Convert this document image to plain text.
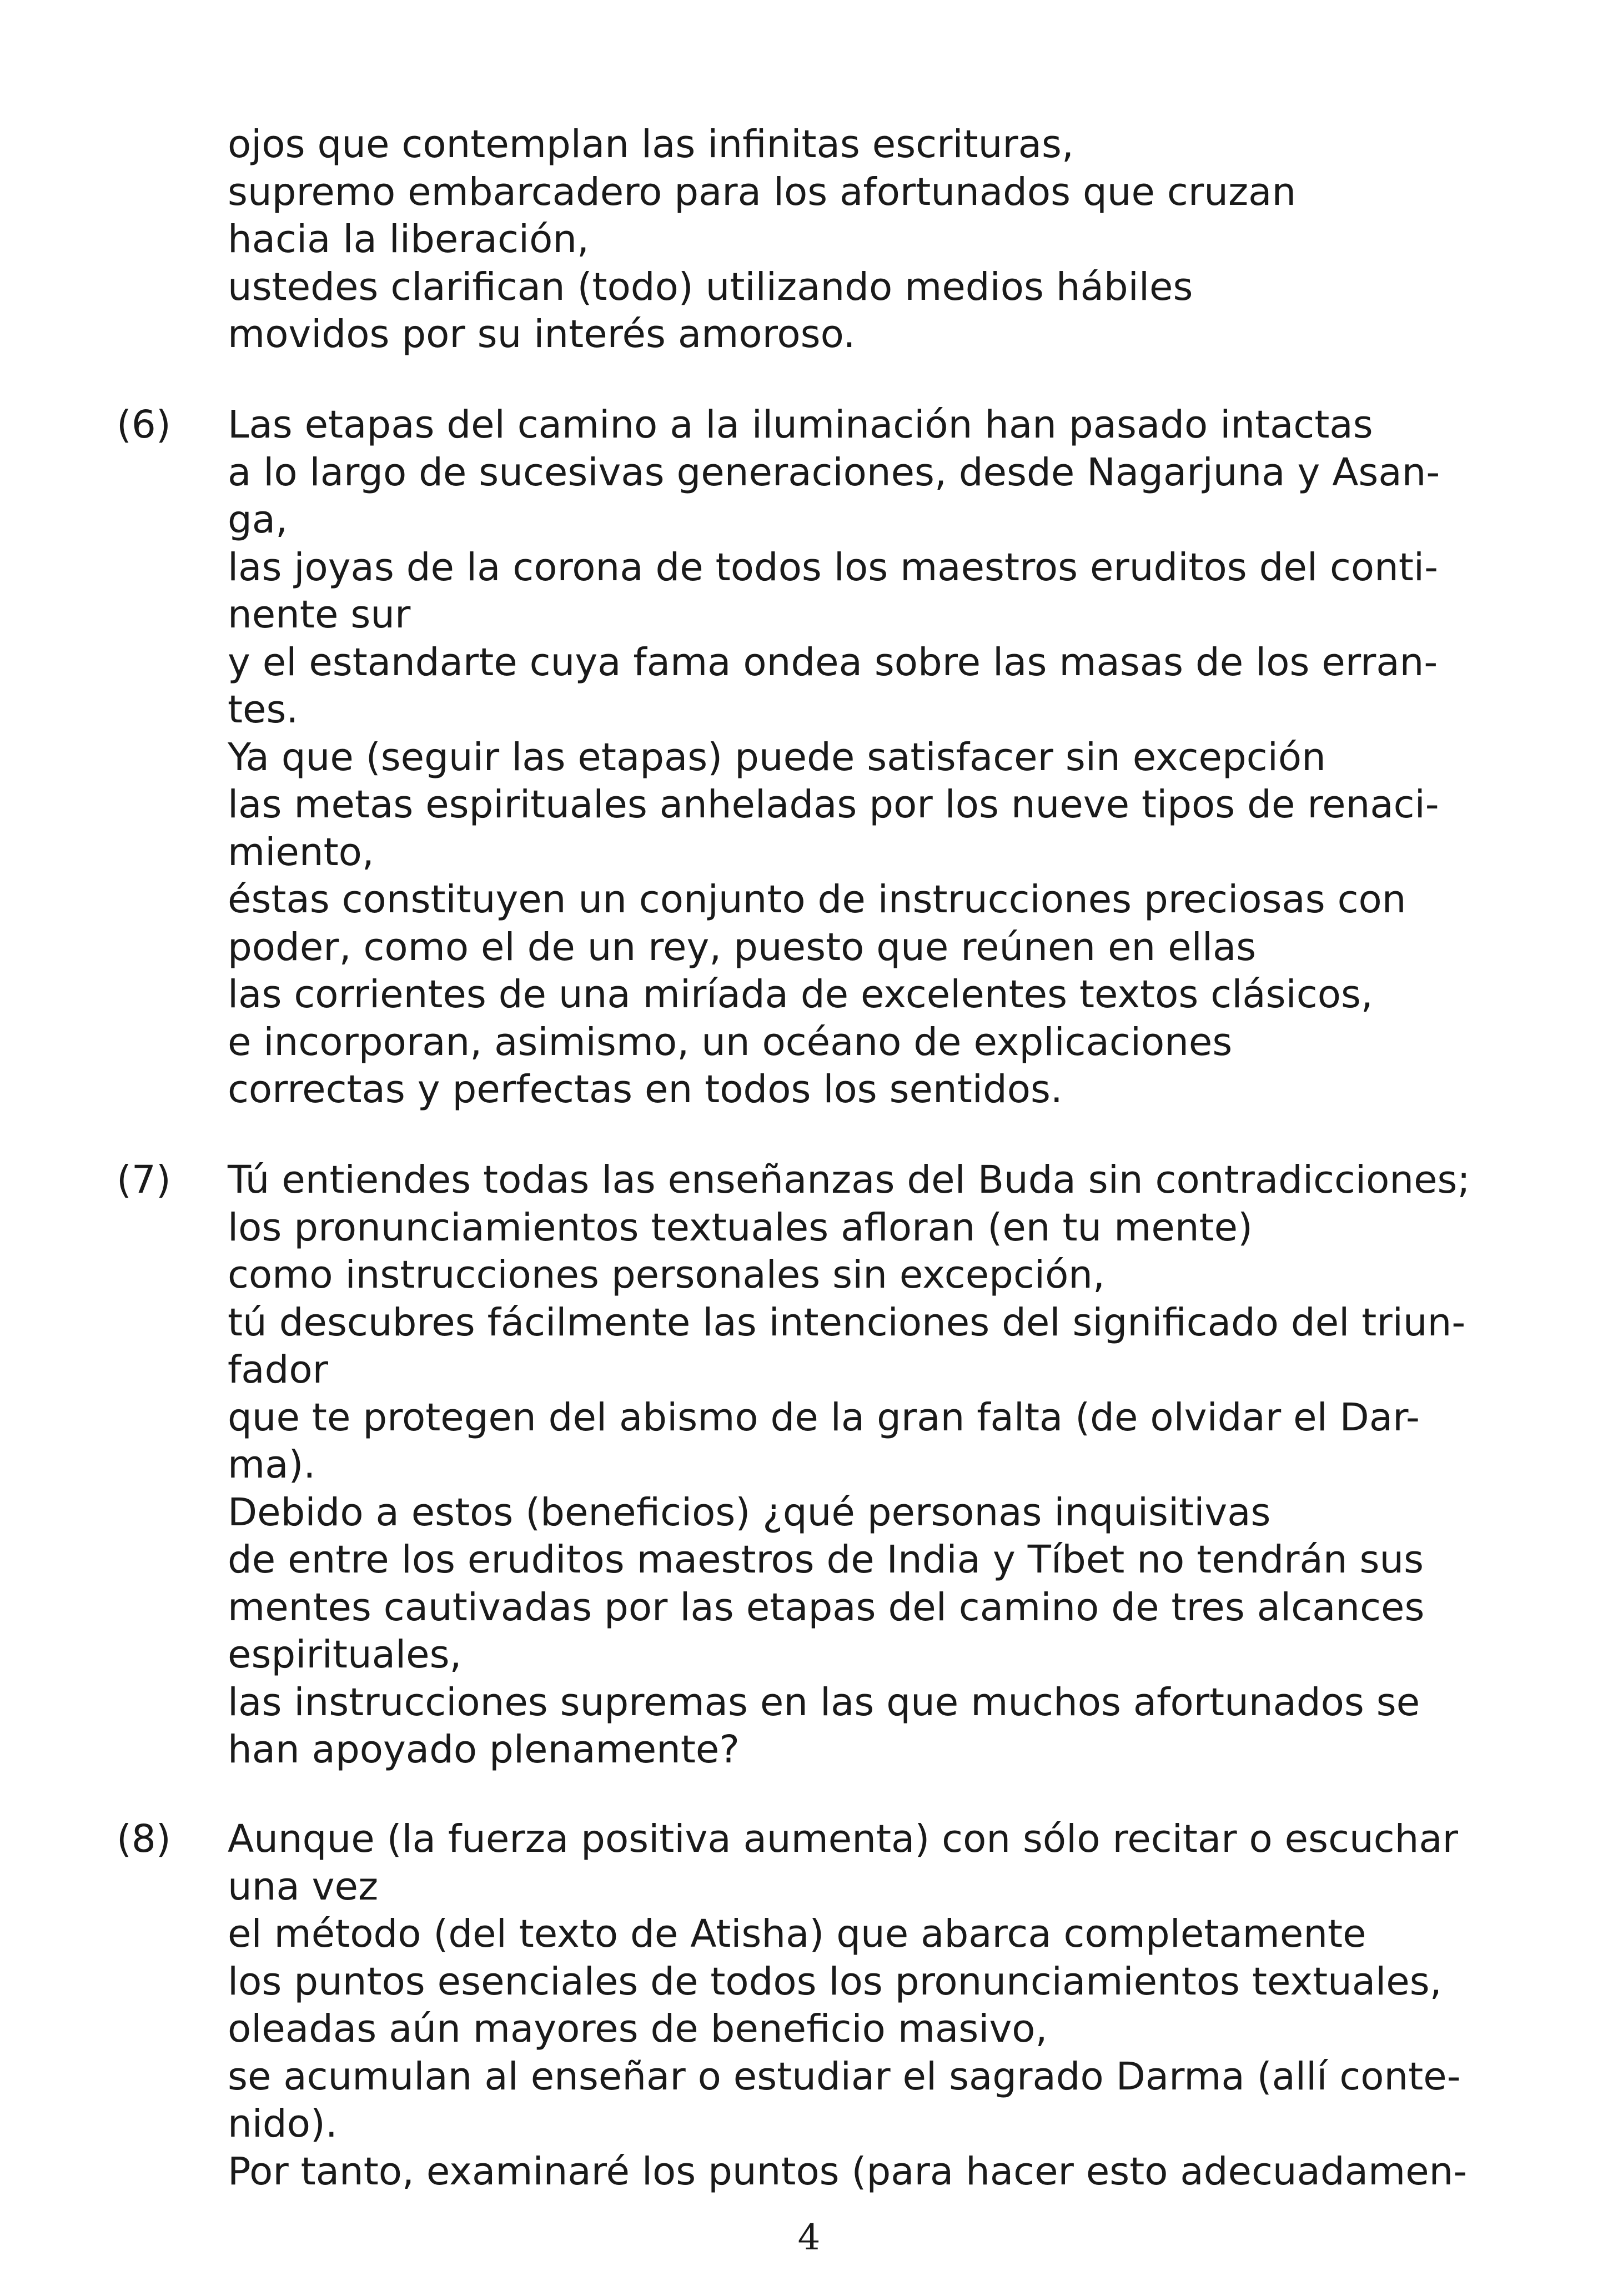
ojos que contemplan las infinitas escrituras,
supremo embarcadero para los afortunados que cruzan
hacia la liberación,
ustedes clarifican (todo) utilizando medios hábiles
movidos por su interés amoroso.
(6) Las etapas del camino a la iluminación han pasado intactas
a lo largo de sucesivas generaciones, desde Nagarjuna y Asan-
ga,
las joyas de la corona de todos los maestros eruditos del conti-
nente sur
y el estandarte cuya fama ondea sobre las masas de los erran-
tes.
Ya que (seguir las etapas) puede satisfacer sin excepción
las metas espirituales anheladas por los nueve tipos de renaci-
miento,
éstas constituyen un conjunto de instrucciones preciosas con
poder, como el de un rey, puesto que reúnen en ellas
las corrientes de una miríada de excelentes textos clásicos,
e incorporan, asimismo, un océano de explicaciones
correctas y perfectas en todos los sentidos.
(7) Tú entiendes todas las enseñanzas del Buda sin contradicciones;
los pronunciamientos textuales afloran (en tu mente)
como instrucciones personales sin excepción,
tú descubres fácilmente las intenciones del significado del triun-
fador
que te protegen del abismo de la gran falta (de olvidar el Dar-
ma).
Debido a estos (beneficios) ¿qué personas inquisitivas
de entre los eruditos maestros de India y Tíbet no tendrán sus
mentes cautivadas por las etapas del camino de tres alcances
espirituales,
las instrucciones supremas en las que muchos afortunados se
han apoyado plenamente?
(8) Aunque (la fuerza positiva aumenta) con sólo recitar o escuchar
una vez
el método (del texto de Atisha) que abarca completamente
los puntos esenciales de todos los pronunciamientos textuales,
oleadas aún mayores de beneficio masivo,
se acumulan al enseñar o estudiar el sagrado Darma (allí conte-
nido).
Por tanto, examinaré los puntos (para hacer esto adecuadamen-
4
